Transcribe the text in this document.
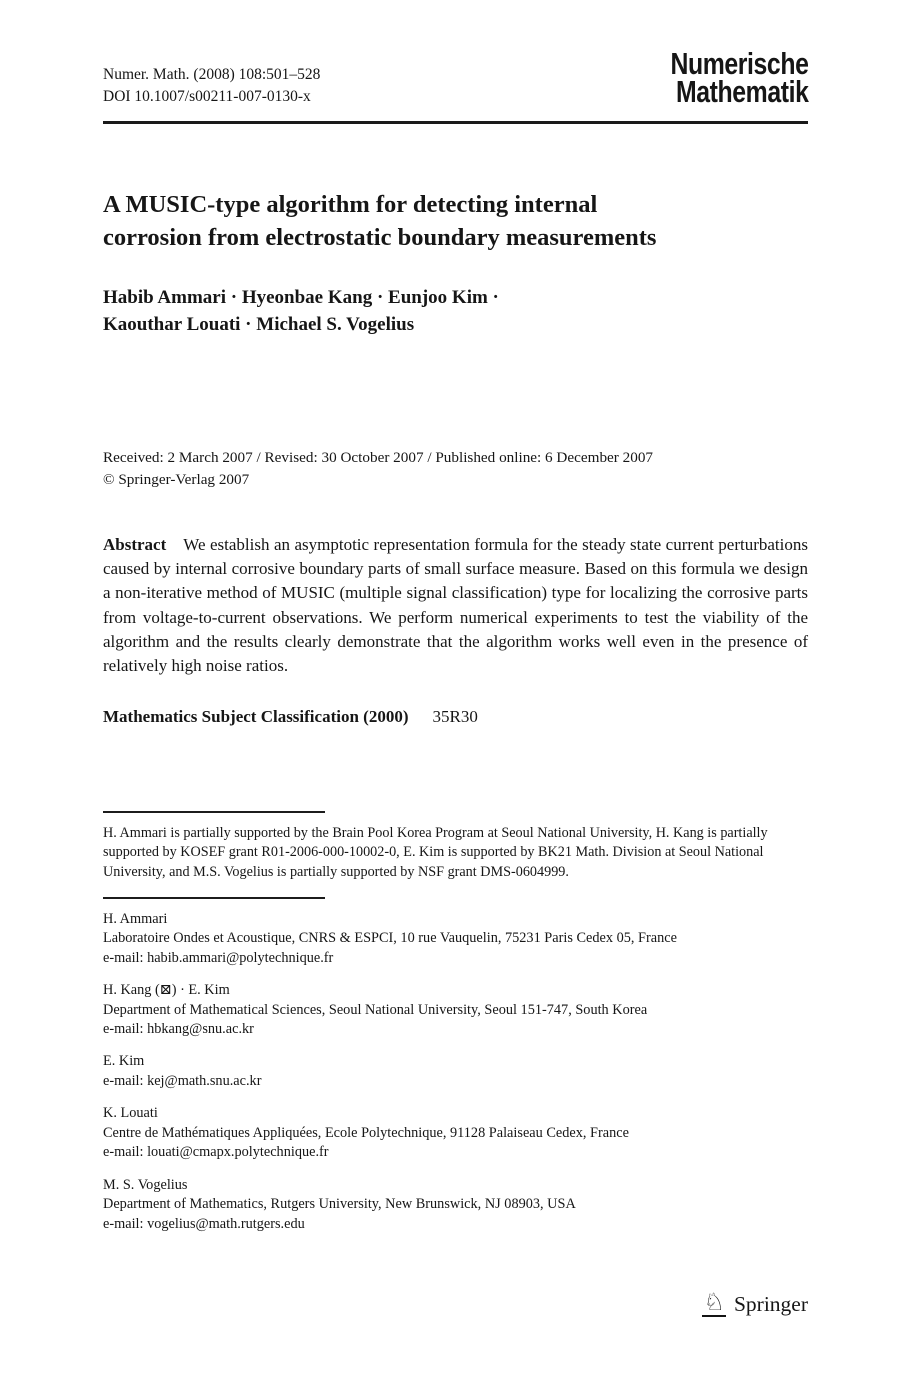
Numer. Math. (2008) 108:501–528
DOI 10.1007/s00211-007-0130-x
Numerische
Mathematik
A MUSIC-type algorithm for detecting internal
corrosion from electrostatic boundary measurements
Habib Ammari · Hyeonbae Kang · Eunjoo Kim ·
Kaouthar Louati · Michael S. Vogelius
Received: 2 March 2007 / Revised: 30 October 2007 / Published online: 6 December 2007
© Springer-Verlag 2007

Abstract We establish an asymptotic representation formula for the steady state current perturbations caused by internal corrosive boundary parts of small surface measure. Based on this formula we design a non-iterative method of MUSIC (multiple signal classification) type for localizing the corrosive parts from voltage-to-current observations. We perform numerical experiments to test the viability of the algorithm and the results clearly demonstrate that the algorithm works well even in the presence of relatively high noise ratios.

Mathematics Subject Classification (2000) 35R30

H. Ammari is partially supported by the Brain Pool Korea Program at Seoul National University, H. Kang is partially supported by KOSEF grant R01-2006-000-10002-0, E. Kim is supported by BK21 Math. Division at Seoul National University, and M.S. Vogelius is partially supported by NSF grant DMS-0604999.

H. Ammari
Laboratoire Ondes et Acoustique, CNRS & ESPCI, 10 rue Vauquelin, 75231 Paris Cedex 05, France
e-mail: habib.ammari@polytechnique.fr
H. Kang (⊠) · E. Kim
Department of Mathematical Sciences, Seoul National University, Seoul 151-747, South Korea
e-mail: hbkang@snu.ac.kr
E. Kim
e-mail: kej@math.snu.ac.kr
K. Louati
Centre de Mathématiques Appliquées, Ecole Polytechnique, 91128 Palaiseau Cedex, France
e-mail: louati@cmapx.polytechnique.fr
M. S. Vogelius
Department of Mathematics, Rutgers University, New Brunswick, NJ 08903, USA
e-mail: vogelius@math.rutgers.edu
♘ Springer
